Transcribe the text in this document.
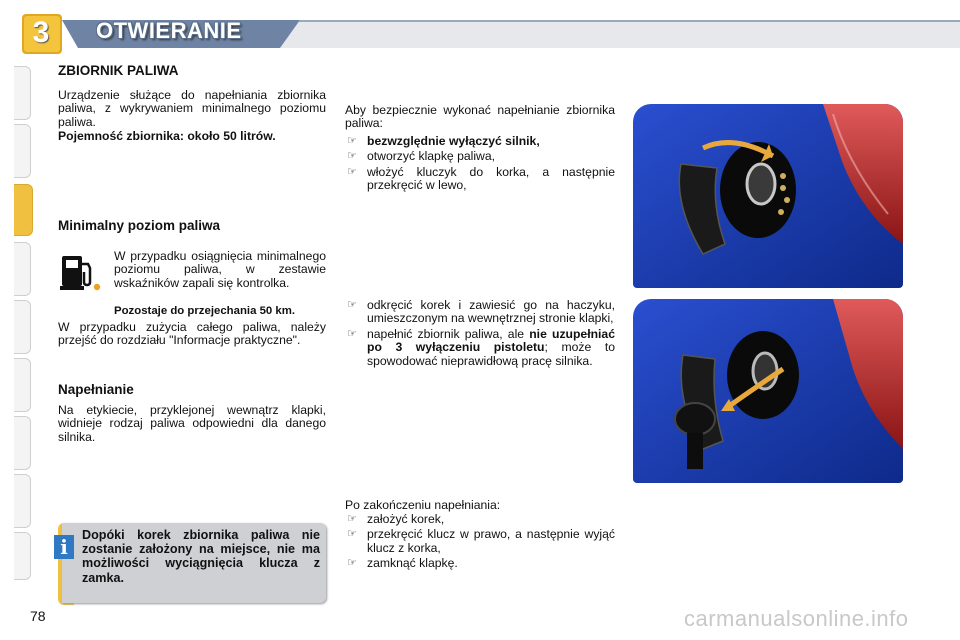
3	OTWIERANIE
ZBIORNIK PALIWA
Urządzenie służące do napełniania zbiornika paliwa, z wykrywaniem minimalnego poziomu paliwa.
Pojemność zbiornika: około 50 litrów.
Minimalny poziom paliwa
W przypadku osiągnięcia minimalnego poziomu paliwa, w zestawie wskaźników zapali się kontrolka.
Pozostaje do przejechania 50 km.
W przypadku zużycia całego paliwa, należy przejść do rozdziału "Informacje praktyczne".
Napełnianie
Na etykiecie, przyklejonej wewnątrz klapki, widnieje rodzaj paliwa odpowiedni dla danego silnika.
i	Dopóki korek zbiornika paliwa nie zostanie założony na miejsce, nie ma możliwości wyciągnięcia klucza z zamka.
Aby bezpiecznie wykonać napełnianie zbiornika paliwa:
☞ bezwzględnie wyłączyć silnik,
☞ otworzyć klapkę paliwa,
☞ włożyć kluczyk do korka, a następnie przekręcić w lewo,
☞ odkręcić korek i zawiesić go na haczyku, umieszczonym na wewnętrznej stronie klapki,
☞ napełnić zbiornik paliwa, ale nie uzupełniać po 3 wyłączeniu pistoletu; może to spowodować nieprawidłową pracę silnika.
Po zakończeniu napełniania:
☞ założyć korek,
☞ przekręcić klucz w prawo, a następnie wyjąć klucz z korka,
☞ zamknąć klapkę.
78	carmanualsonline.info
